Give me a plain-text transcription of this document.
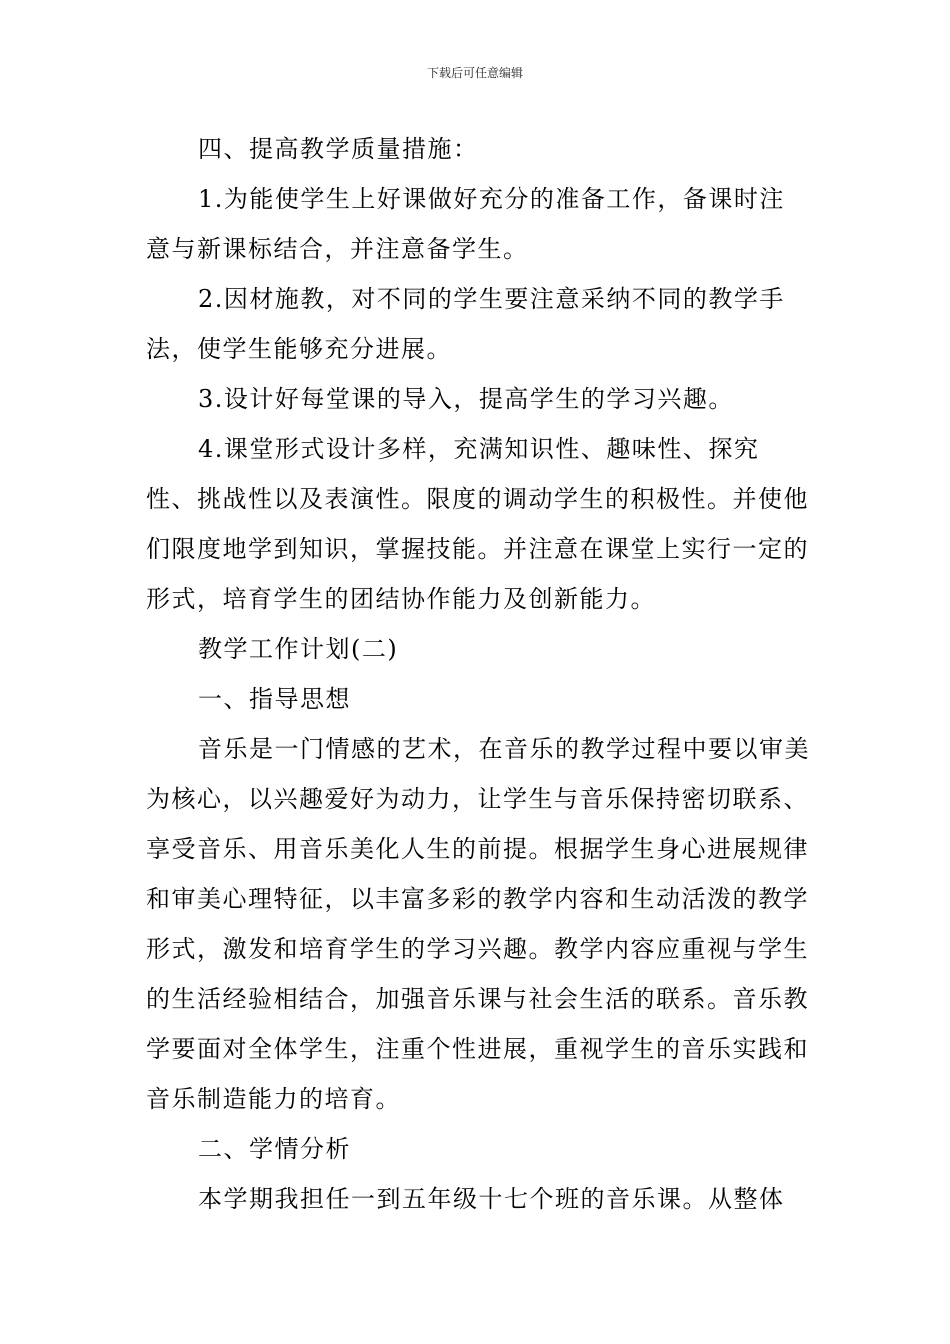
下载后可任意编辑

四、提高教学质量措施：

1.为能使学生上好课做好充分的准备工作，备课时注意与新课标结合，并注意备学生。

2.因材施教，对不同的学生要注意采纳不同的教学手法，使学生能够充分进展。

3.设计好每堂课的导入，提高学生的学习兴趣。

4.课堂形式设计多样，充满知识性、趣味性、探究性、挑战性以及表演性。限度的调动学生的积极性。并使他们限度地学到知识，掌握技能。并注意在课堂上实行一定的形式，培育学生的团结协作能力及创新能力。

教学工作计划(二)

一、指导思想

音乐是一门情感的艺术，在音乐的教学过程中要以审美为核心，以兴趣爱好为动力，让学生与音乐保持密切联系、享受音乐、用音乐美化人生的前提。根据学生身心进展规律和审美心理特征，以丰富多彩的教学内容和生动活泼的教学形式，激发和培育学生的学习兴趣。教学内容应重视与学生的生活经验相结合，加强音乐课与社会生活的联系。音乐教学要面对全体学生，注重个性进展，重视学生的音乐实践和音乐制造能力的培育。

二、学情分析

本学期我担任一到五年级十七个班的音乐课。从整体
